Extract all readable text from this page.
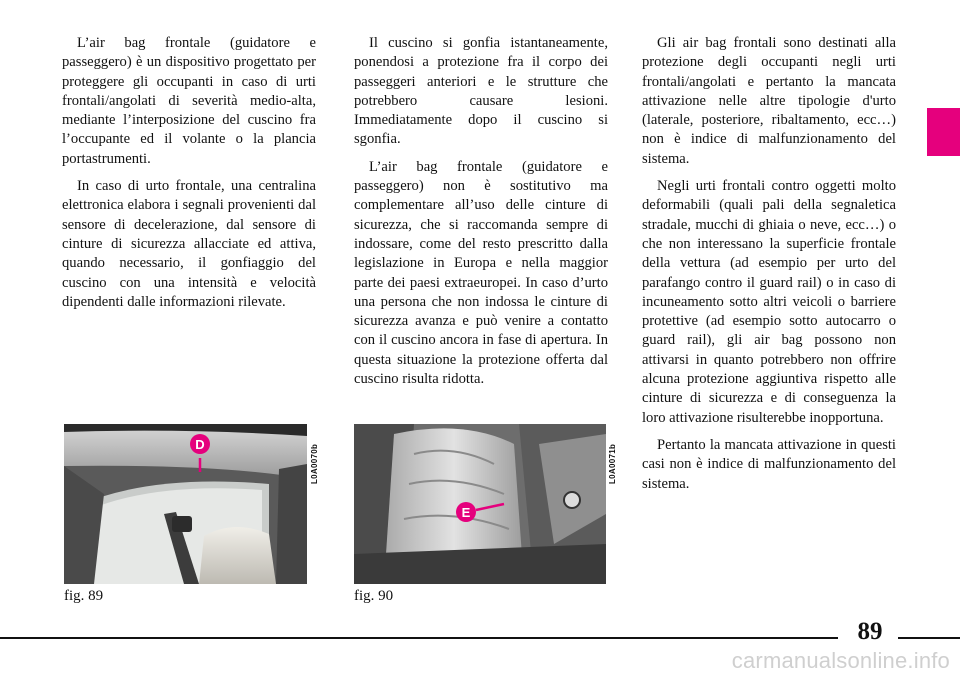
L’air bag frontale (guidatore e passeggero) è un dispositivo progettato per proteggere gli occupanti in caso di urti frontali/angolati di severità medio-alta, mediante l’interposizione del cuscino fra l’occupante ed il volante o la plancia portastrumenti.

In caso di urto frontale, una centralina elettronica elabora i segnali provenienti dal sensore di decelerazione, dal sensore di cinture di sicurezza allacciate ed attiva, quando necessario, il gonfiaggio del cuscino con una intensità e velocità dipendenti dalle informazioni rilevate.

Il cuscino si gonfia istantaneamente, ponendosi a protezione fra il corpo dei passeggeri anteriori e le strutture che potrebbero causare lesioni. Immediatamente dopo il cuscino si sgonfia.

L’air bag frontale (guidatore e passeggero) non è sostitutivo ma complementare all’uso delle cinture di sicurezza, che si raccomanda sempre di indossare, come del resto prescritto dalla legislazione in Europa e nella maggior parte dei paesi extraeuropei. In caso d’urto una persona che non indossa le cinture di sicurezza avanza e può venire a contatto con il cuscino ancora in fase di apertura. In questa situazione la protezione offerta dal cuscino risulta ridotta.

Gli air bag frontali sono destinati alla protezione degli occupanti negli urti frontali/angolati e pertanto la mancata attivazione nelle altre tipologie d'urto (laterale, posteriore, ribaltamento, ecc…) non è indice di malfunzionamento del sistema.

Negli urti frontali contro oggetti molto deformabili (quali pali della segnaletica stradale, mucchi di ghiaia o neve, ecc…) o che non interessano la superficie frontale della vettura (ad esempio per urto del parafango contro il guard rail) o in caso di incuneamento sotto altri veicoli o barriere protettive (ad esempio sotto autocarro o guard rail), gli air bag possono non attivarsi in quanto potrebbero non offrire alcuna protezione aggiuntiva rispetto alle cinture di sicurezza e di conseguenza la loro attivazione risulterebbe inopportuna.

Pertanto la mancata attivazione in questi casi non è indice di malfunzionamento del sistema.

D	L0A0070b
fig. 89
E
L0A0071b
fig. 90
89
carmanualsonline.info
